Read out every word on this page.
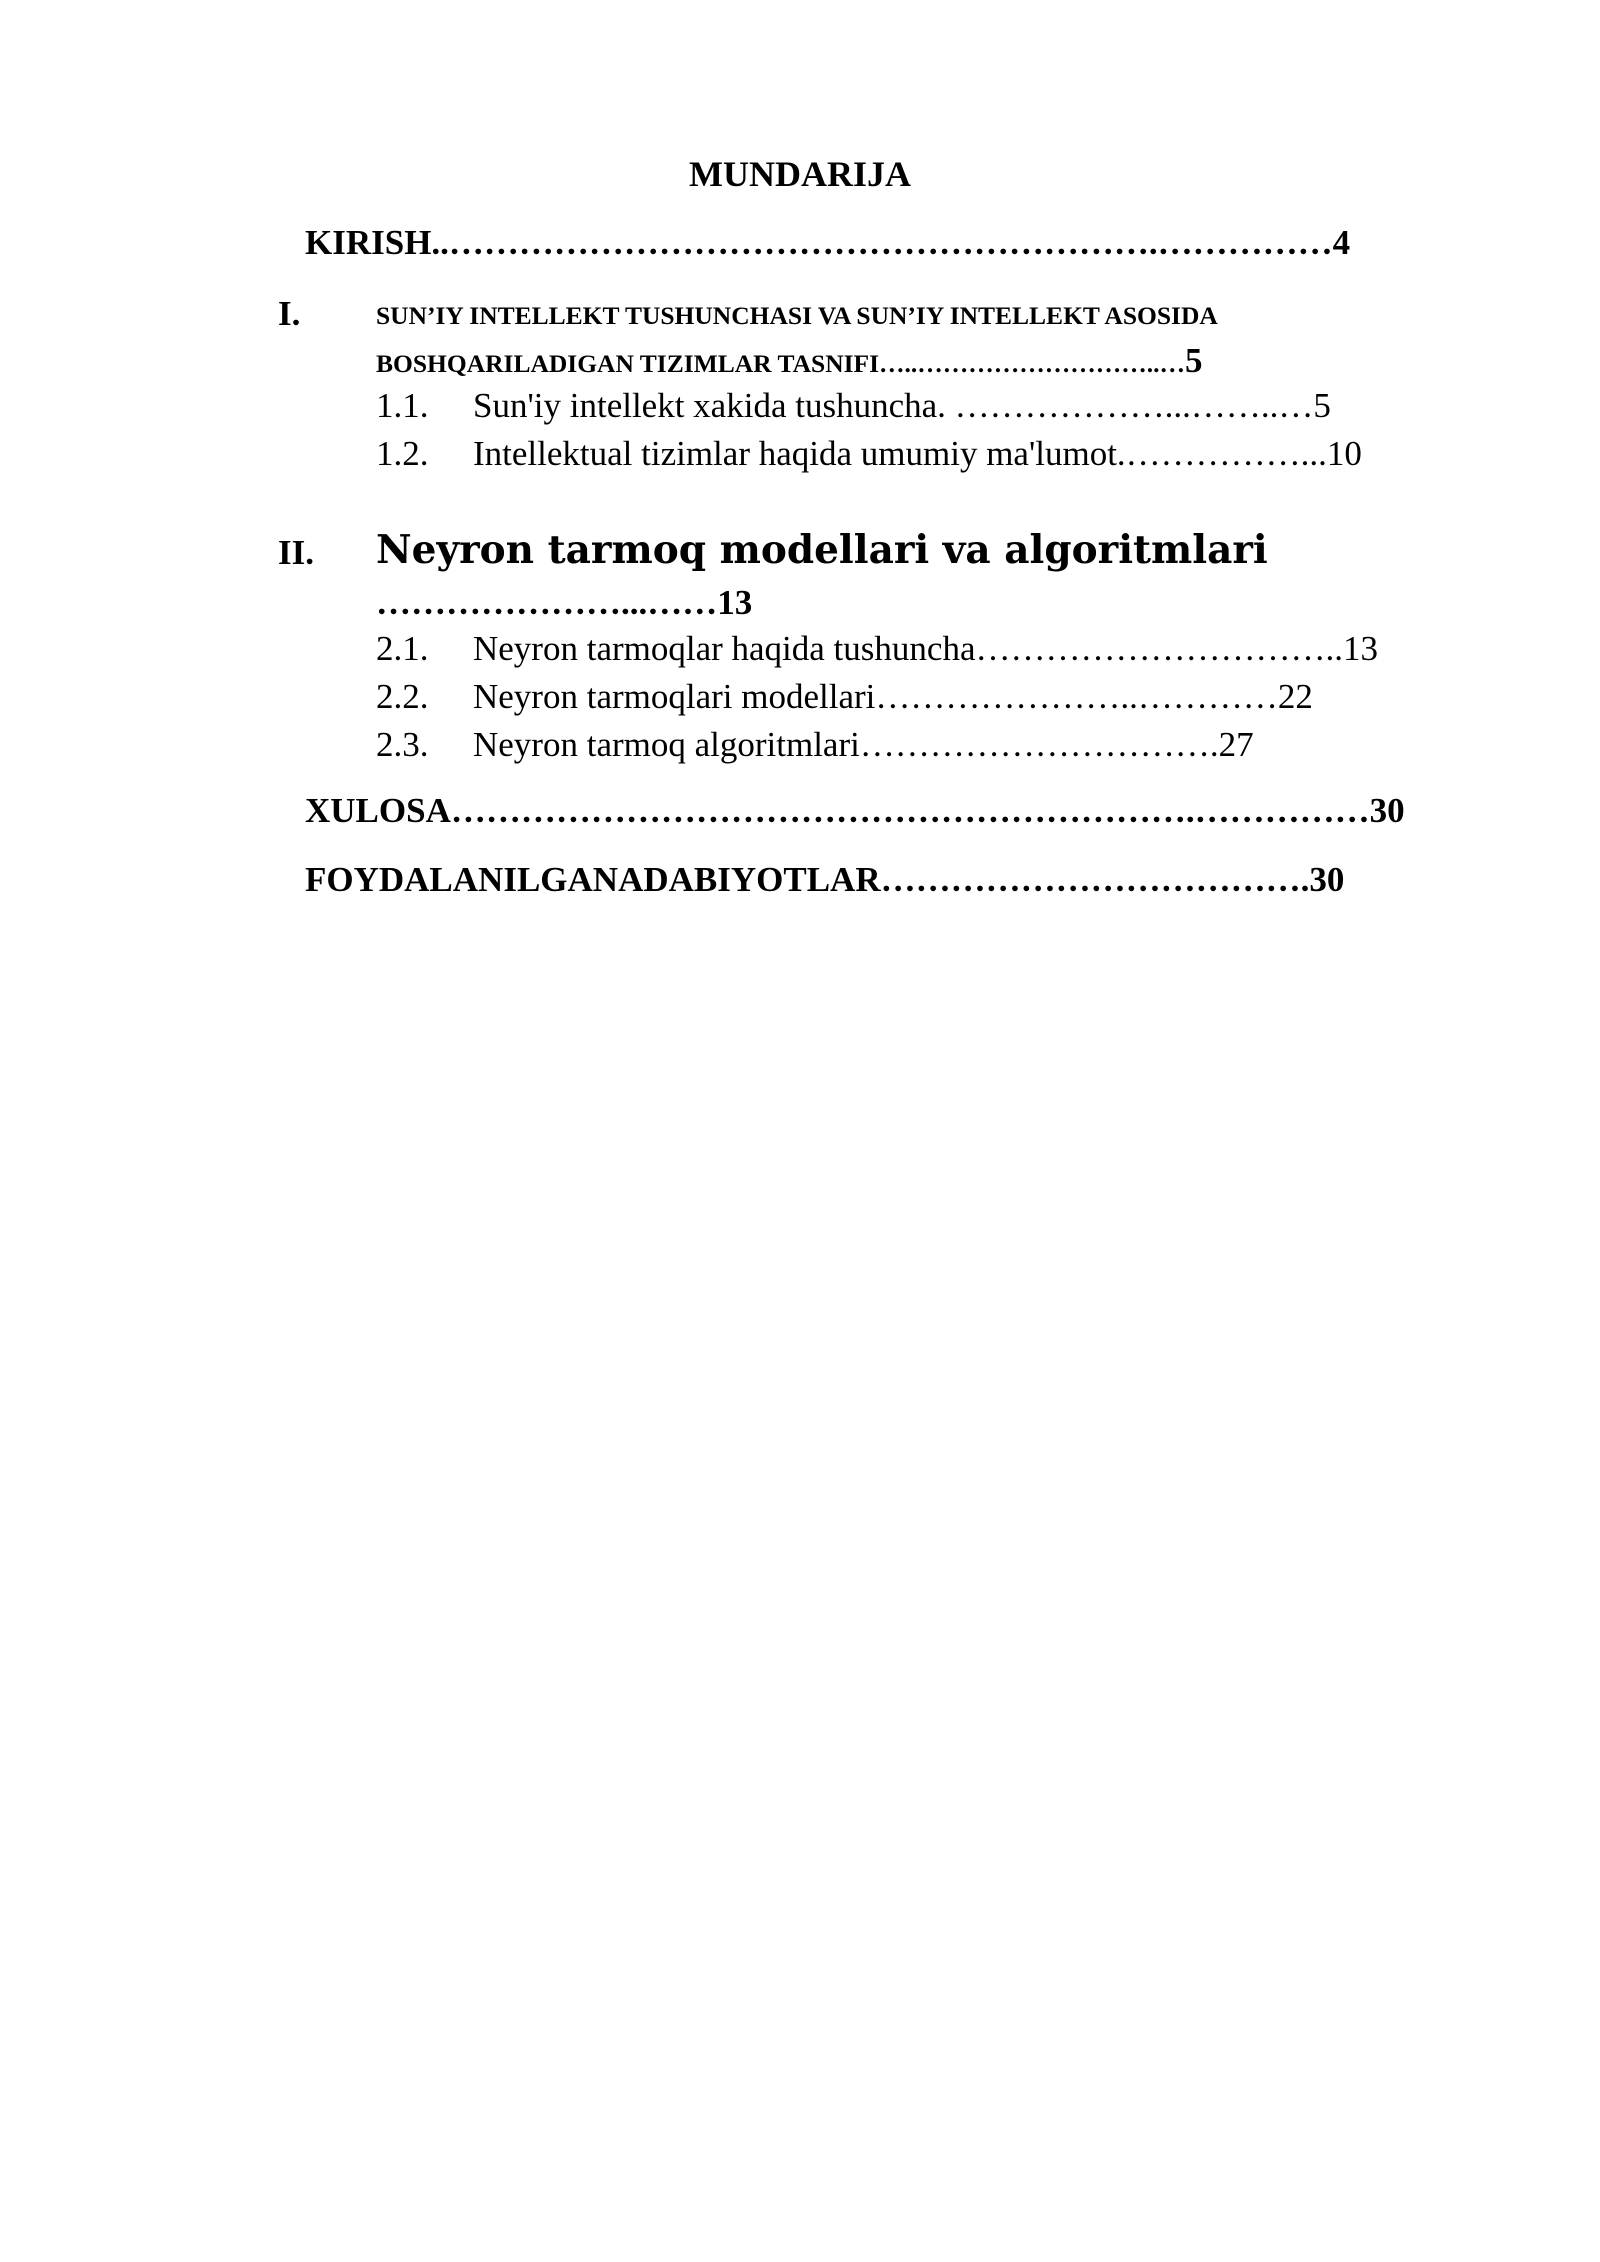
MUNDARIJA
KIRISH..…………………………………………………….……………4
I.	SUN’IY INTELLEKT TUSHUNCHASI VA SUN’IY INTELLEKT ASOSIDA
BOSHQARILADIGAN TIZIMLAR TASNIFI…..………………………..…5
1.1. Sun'iy intellekt xakida tushuncha. ………………...……..…5
1.2. Intellektual tizimlar haqida umumiy ma'lumot.……………...10
II. Neyron tarmoq modellari va algoritmlari
…………………...……13
2.1. Neyron tarmoqlar haqida tushuncha…………………………..13
2.2. Neyron tarmoqlari modellari…………………..…………22
2.3. Neyron tarmoq algoritmlari………………………….27
XULOSA……………………………………………………….……………30
FOYDALANILGANADABIYOTLAR……………………………….30
